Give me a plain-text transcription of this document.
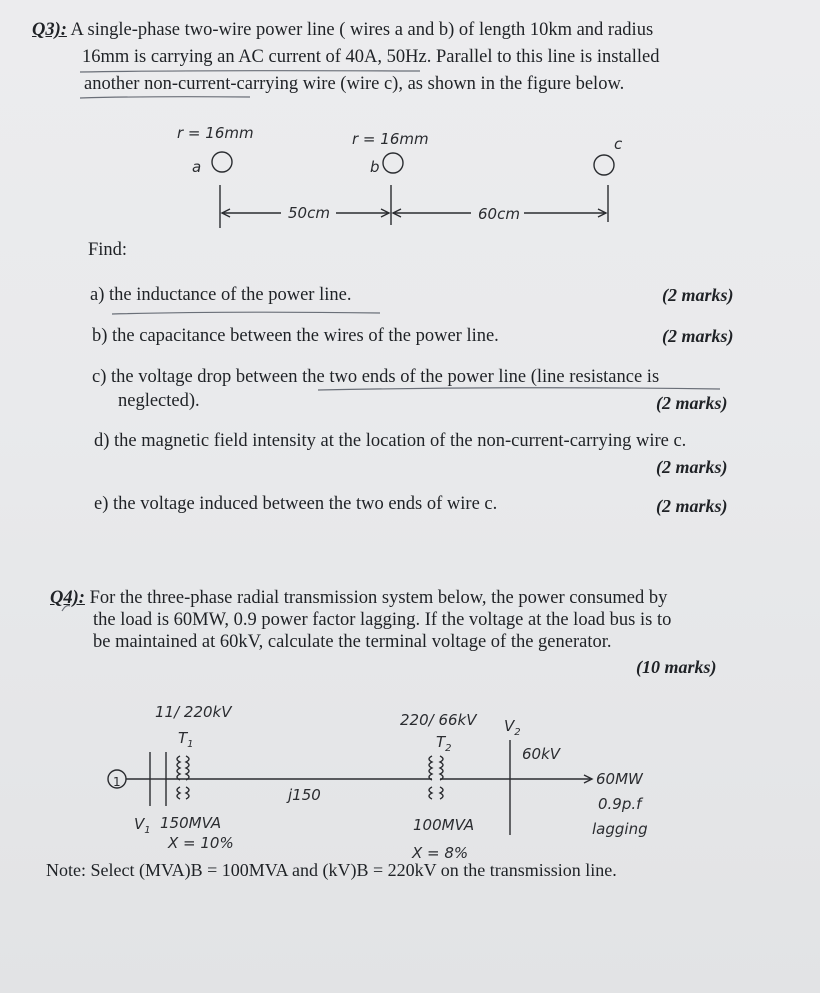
Q3): A single-phase two-wire power line ( wires a and b) of length 10km and radius
16mm is carrying an AC current of 40A, 50Hz. Parallel to this line is installed
another non-current-carrying wire (wire c), as shown in the figure below.
r = 16mm	r = 16mm
a	b
c
50cm	60cm
Find:
a) the inductance of the power line.	(2 marks)
b) the capacitance between the wires of the power line.	(2 marks)
c) the voltage drop between the two ends of the power line (line resistance is
neglected).	(2 marks)
d) the magnetic field intensity at the location of the non-current-carrying wire c.
(2 marks)
e) the voltage induced between the two ends of wire c.	(2 marks)
Q4): For the three-phase radial transmission system below, the power consumed by
the load is 60MW, 0.9 power factor lagging. If the voltage at the load bus is to
be maintained at 60kV, calculate the terminal voltage of the generator.
(10 marks)
1
11/ 220kV
$T_1$
$V_1$ 150MVA
X = 10%
j150
220/ 66kV
$T_2$
$V_2$
60kV
100MVA
X = 8%
60MW
0.9p.f
lagging
Note: Select (MVA)B = 100MVA and (kV)B = 220kV on the transmission line.
